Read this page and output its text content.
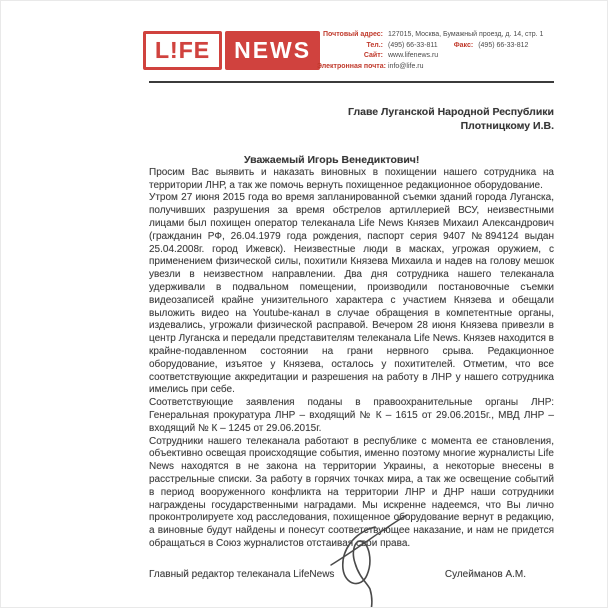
L!FE	NEWS
Почтовый адрес: 127015, Москва, Бумажный проезд, д. 14, стр. 1
Тел.: (495) 66-33-811 Факс: (495) 66-33-812
Сайт: www.lifenews.ru
Электронная почта: info@life.ru
Главе Луганской Народной Республики
Плотницкому И.В.
Уважаемый Игорь Венедиктович!

Просим Вас выявить и наказать виновных в похищении нашего сотрудника на территории ЛНР, а так же помочь вернуть похищенное редакционное оборудование.

Утром 27 июня 2015 года во время запланированной съемки зданий города Луганска, получивших разрушения за время обстрелов артиллерией ВСУ, неизвестными лицами был похищен оператор телеканала Life News Князев Михаил Александрович (гражданин РФ, 26.04.1979 года рождения, паспорт серия 9407 №894124 выдан 25.04.2008г. город Ижевск). Неизвестные люди в масках, угрожая оружием, с применением физической силы, похитили Князева Михаила и надев на голову мешок увезли в неизвестном направлении. Два дня сотрудника нашего телеканала удерживали в подвальном помещении, производили постановочные съемки видеозаписей крайне унизительного характера с участием Князева и обещали выложить видео на Youtube-канал в случае обращения в компетентные органы, издевались, угрожали физической расправой. Вечером 28 июня Князева привезли в центр Луганска и передали представителям телеканала Life News. Князев находится в крайне-подавленном состоянии на грани нервного срыва. Редакционное оборудование, изъятое у Князева, осталось у похитителей. Отметим, что все соответствующие аккредитации и разрешения на работу в ЛНР у нашего сотрудника имелись при себе.

Соответствующие заявления поданы в правоохранительные органы ЛНР: Генеральная прокуратура ЛНР – входящий № К – 1615 от 29.06.2015г., МВД ЛНР – входящий № К – 1245 от 29.06.2015г.

Сотрудники нашего телеканала работают в республике с момента ее становления, объективно освещая происходящие события, именно поэтому многие журналисты Life News находятся в не закона на территории Украины, а некоторые внесены в расстрельные списки. За работу в горячих точках мира, а так же освещение событий в период вооруженного конфликта на территории ЛНР и ДНР наши сотрудники награждены государственными наградами. Мы искренне надеемся, что Вы лично проконтролируете ход расследования, похищенное оборудование вернут в редакцию, а виновные будут найдены и понесут соответствующее наказание, и нам не придется обращаться в Союз журналистов отстаивая свои права.

Главный редактор телеканала LifeNews	Сулейманов А.М.
